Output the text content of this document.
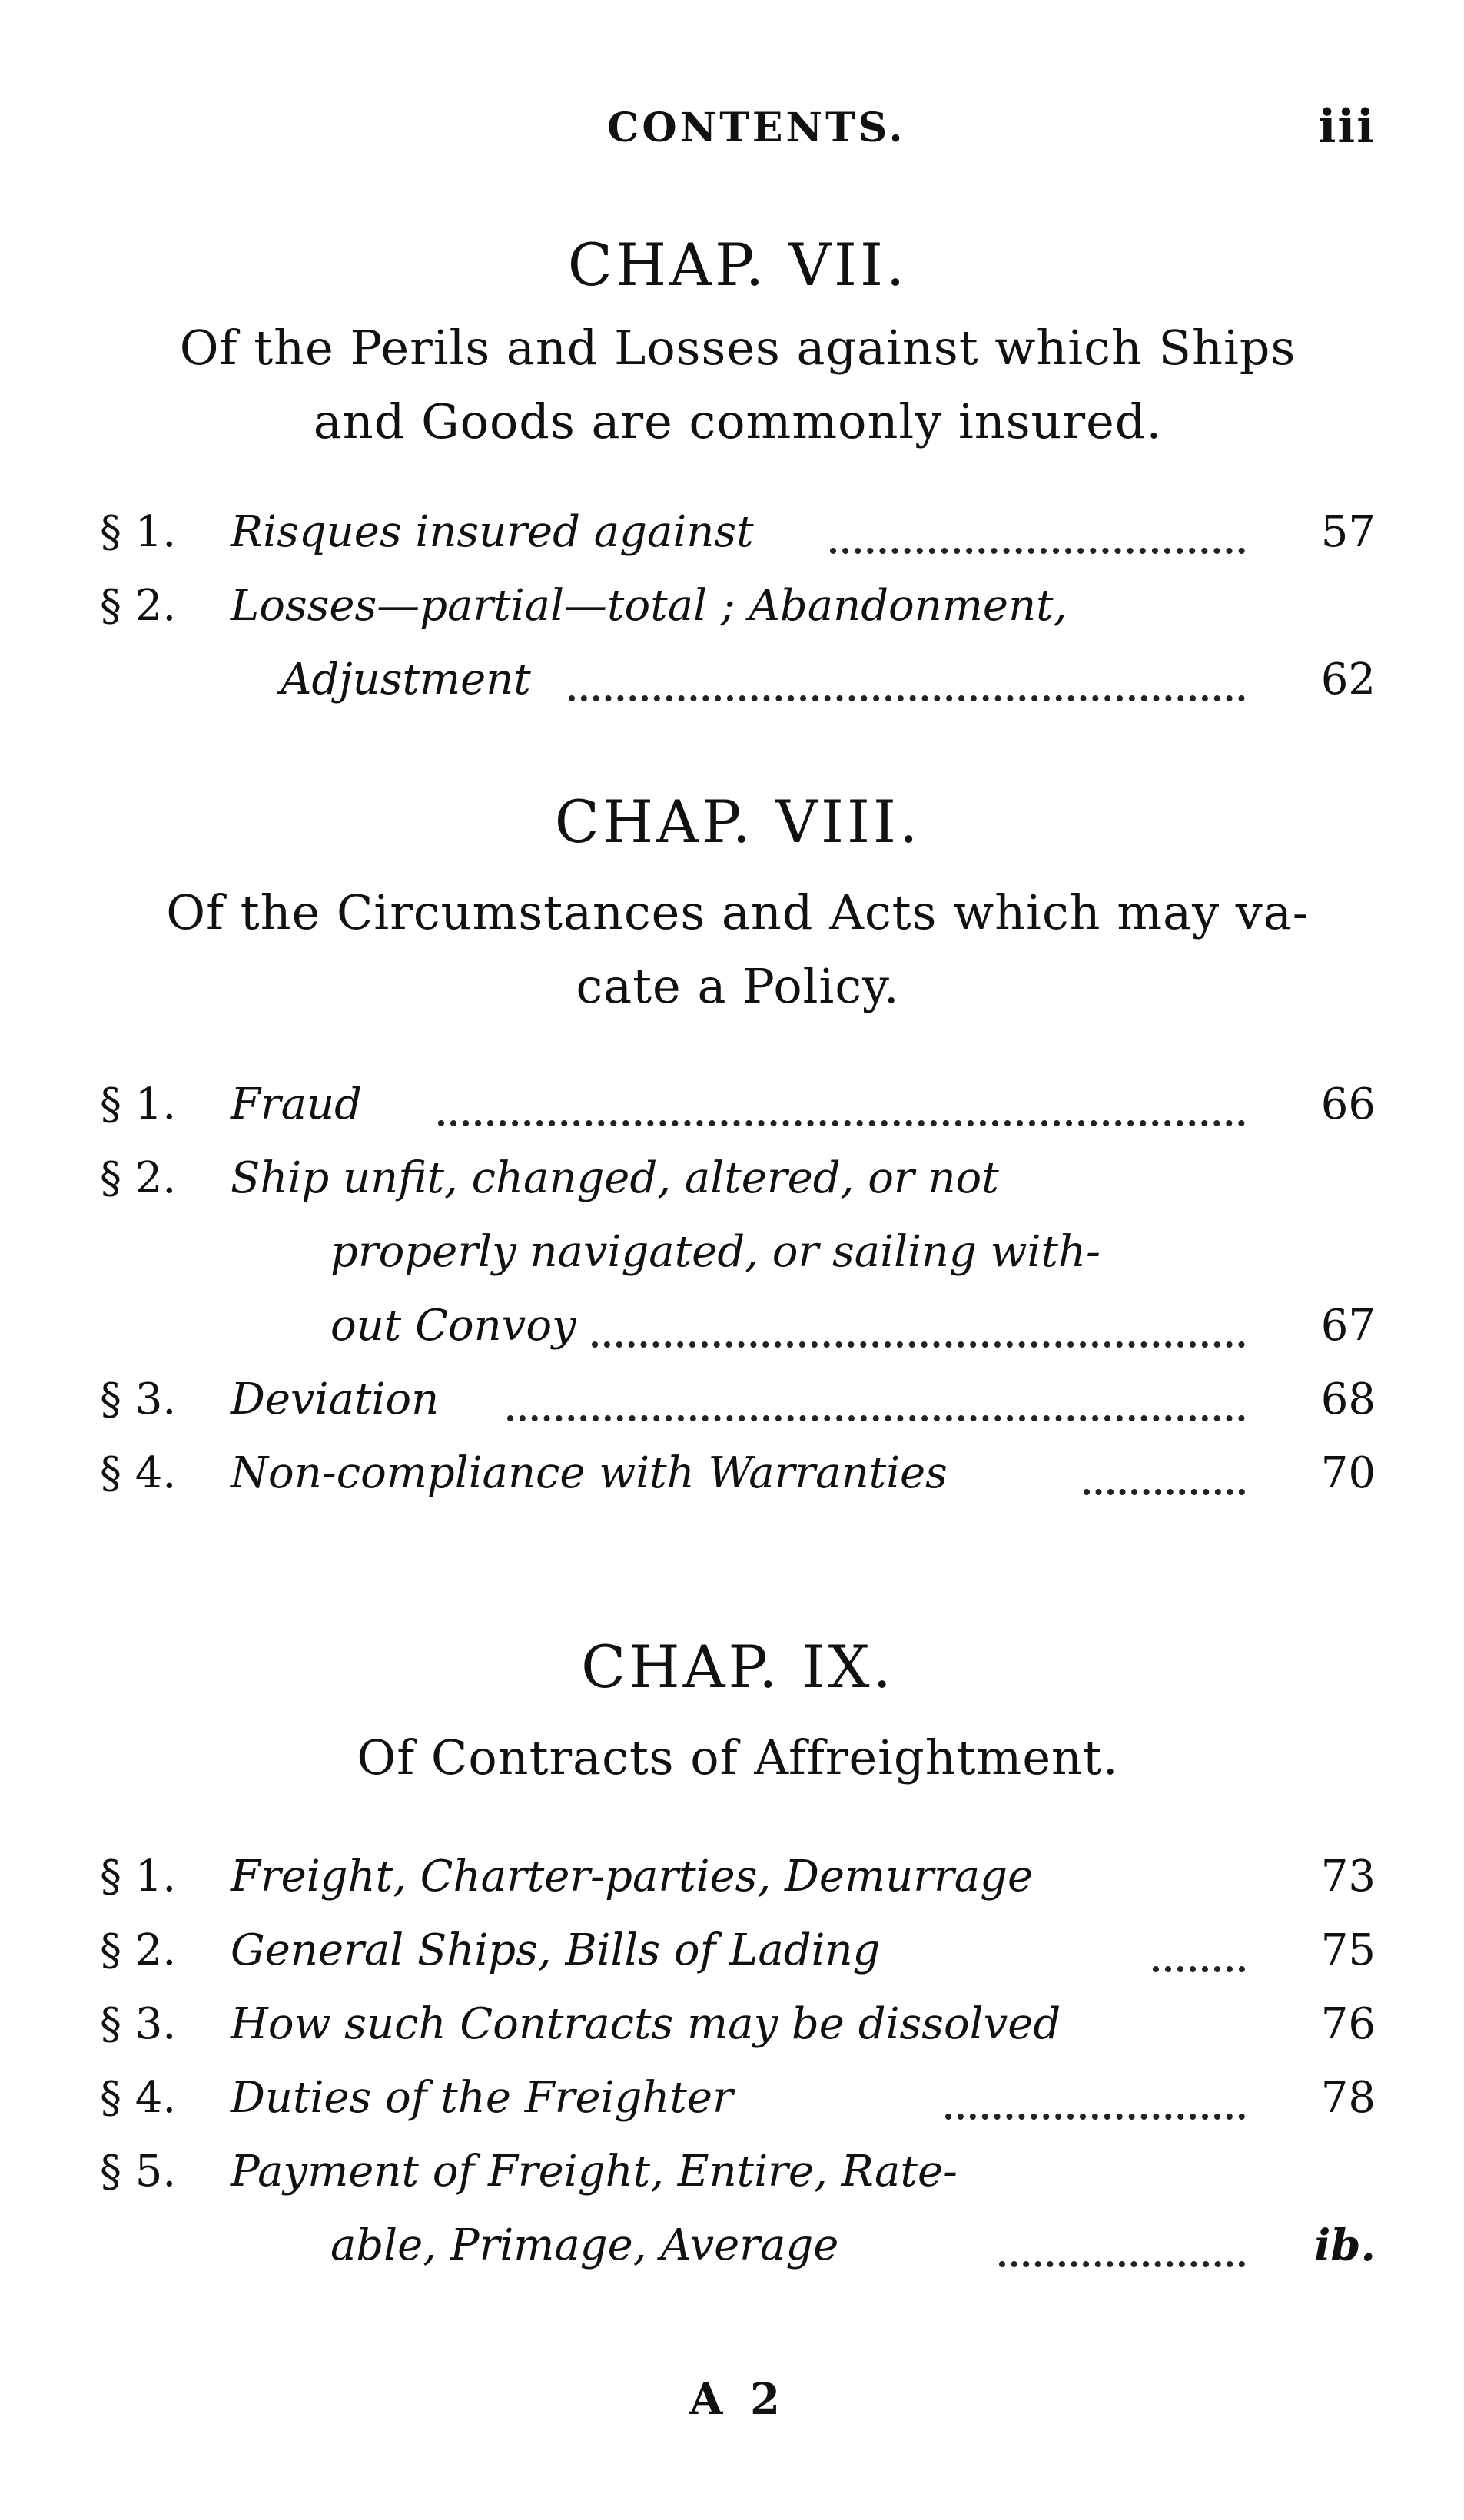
CONTENTS.	iii
CHAP. VII.
Of the Perils and Losses against which Ships
and Goods are commonly insured.
§ 1.	Risques insured against	57
§ 2.	Losses—partial—total ; Abandonment,
Adjustment	62
CHAP. VIII.
Of the Circumstances and Acts which may va-
cate a Policy.
§ 1.	Fraud	66
§ 2.	Ship unfit, changed, altered, or not
properly navigated, or sailing with-
out Convoy	67
§ 3.	Deviation	68
§ 4.	Non-compliance with Warranties	70
CHAP. IX.
Of Contracts of Affreightment.
§ 1.	Freight, Charter-parties, Demurrage	73
§ 2.	General Ships, Bills of Lading	75
§ 3.	How such Contracts may be dissolved	76
§ 4.	Duties of the Freighter	78
§ 5.	Payment of Freight, Entire, Rate-
able, Primage, Average	ib.
A 2
